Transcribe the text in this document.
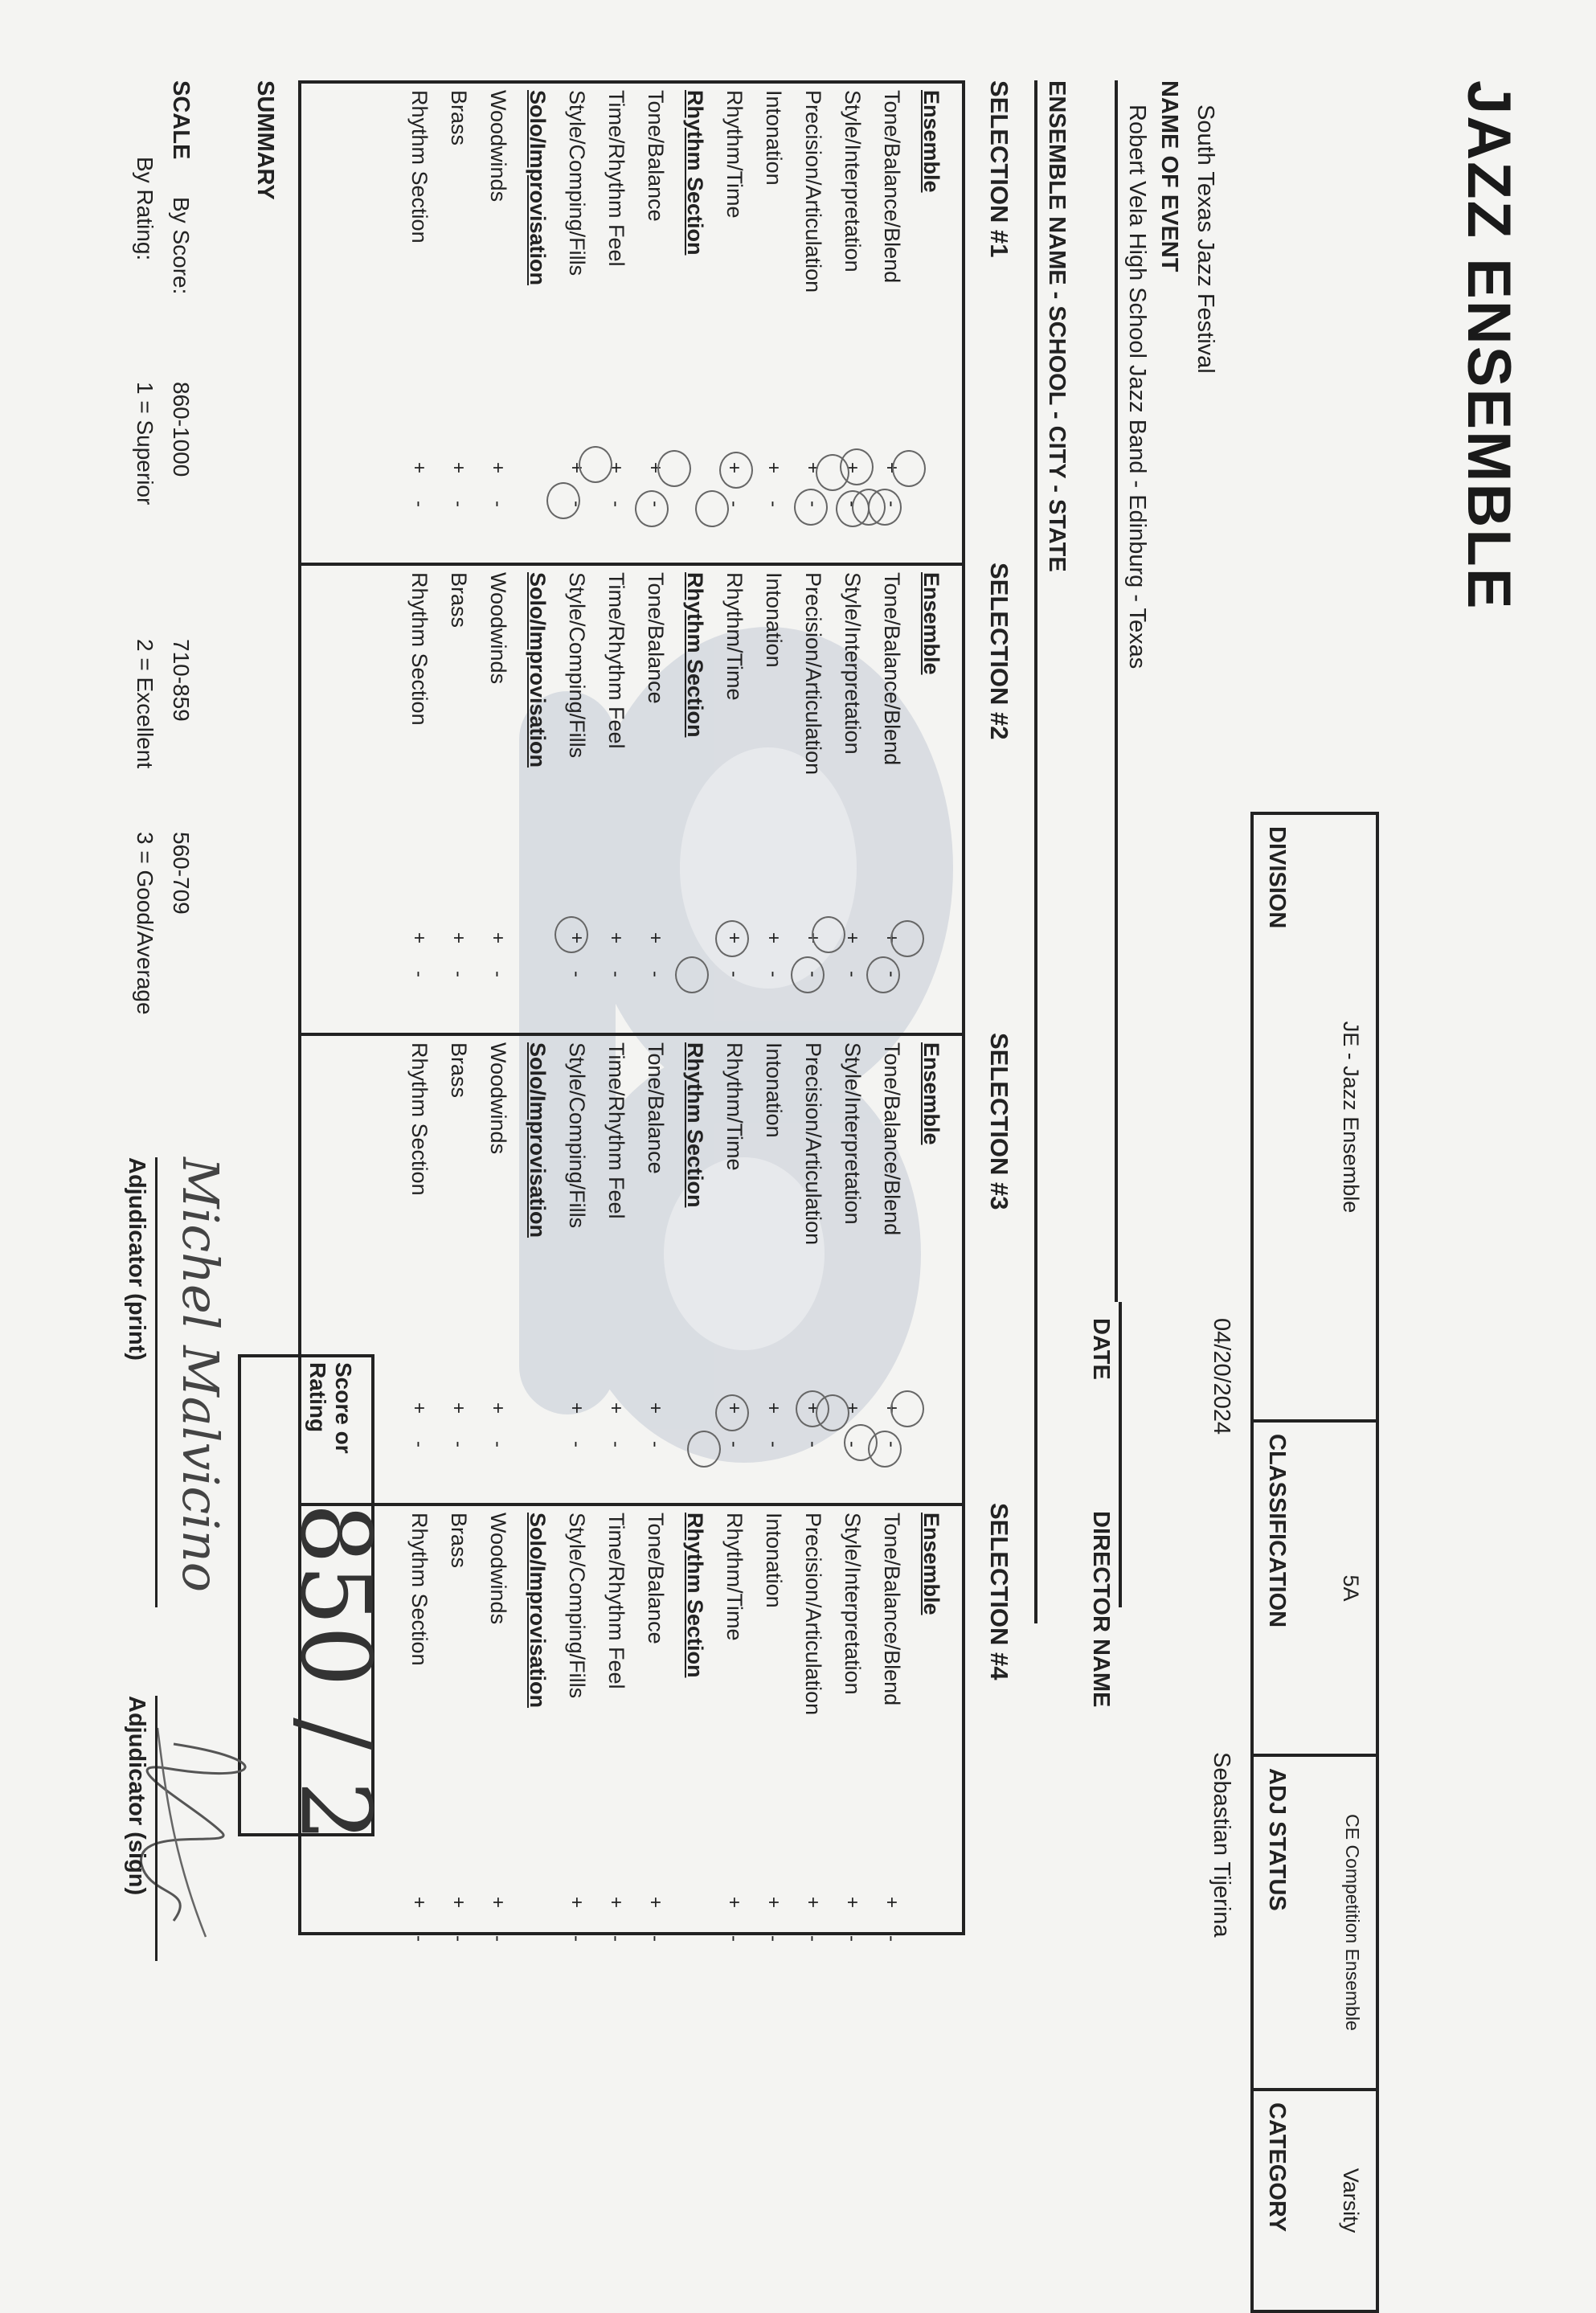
JAZZ ENSEMBLE
South Texas Jazz Festival
NAME OF EVENT
Robert Vela High School Jazz Band - Edinburg - Texas
JE - Jazz Ensemble
DIVISION
5A
CLASSIFICATION
CE Competition Ensemble
ADJ STATUS
Varsity
CATEGORY
04/20/2024
DATE
Sebastian Tijerina
DIRECTOR NAME
ENSEMBLE NAME - SCHOOL - CITY - STATE
SELECTION #1
SELECTION #2
SELECTION #3
SELECTION #4
Ensemble
Tone/Balance/Blend
+
-
Style/Interpretation
+
-
Precision/Articulation
+
-
Intonation
+
-
Rhythm/Time
+
-
Rhythm Section
Tone/Balance
+
-
Time/Rhythm Feel
+
-
Style/Comping/Fills
+
-
Solo/Improvisation
Woodwinds
+
-
Brass
+
-
Rhythm Section
+
-
Ensemble
Tone/Balance/Blend
+
-
Style/Interpretation
+
-
Precision/Articulation
+
-
Intonation
+
-
Rhythm/Time
+
-
Rhythm Section
Tone/Balance
+
-
Time/Rhythm Feel
+
-
Style/Comping/Fills
+
-
Solo/Improvisation
Woodwinds
+
-
Brass
+
-
Rhythm Section
+
-
Ensemble
Tone/Balance/Blend
+
-
Style/Interpretation
+
-
Precision/Articulation
+
-
Intonation
+
-
Rhythm/Time
+
-
Rhythm Section
Tone/Balance
+
-
Time/Rhythm Feel
+
-
Style/Comping/Fills
+
-
Solo/Improvisation
Woodwinds
+
-
Brass
+
-
Rhythm Section
+
-
Ensemble
Tone/Balance/Blend
+
-
Style/Interpretation
+
-
Precision/Articulation
+
-
Intonation
+
-
Rhythm/Time
+
-
Rhythm Section
Tone/Balance
+
-
Time/Rhythm Feel
+
-
Style/Comping/Fills
+
-
Solo/Improvisation
Woodwinds
+
-
Brass
+
-
Rhythm Section
+
-
SUMMARY
SCALE
By Score:
By Rating:
860-1000
710-859
560-709
1 = Superior
2 = Excellent
3 = Good/Average
Score or
Rating
850 / 2
Michel Malvicino
Adjudicator (print)
Adjudicator (sign)
